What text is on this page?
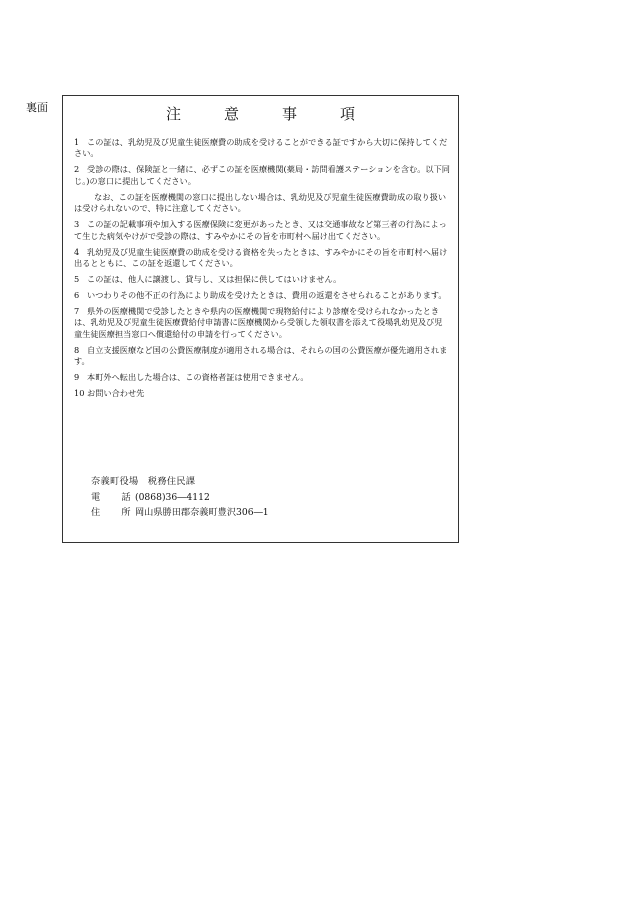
裏面	注　意　事　項
1 この証は、乳幼児及び児童生徒医療費の助成を受けることができる証ですから大切に保持してください。
2 受診の際は、保険証と一緒に、必ずこの証を医療機関(薬局・訪問看護ステーションを含む。以下同じ。)の窓口に提出してください。
なお、この証を医療機関の窓口に提出しない場合は、乳幼児及び児童生徒医療費助成の取り扱いは受けられないので、特に注意してください。
3 この証の記載事項や加入する医療保険に変更があったとき、又は交通事故など第三者の行為によって生じた病気やけがで受診の際は、すみやかにその旨を市町村へ届け出てください。
4 乳幼児及び児童生徒医療費の助成を受ける資格を失ったときは、すみやかにその旨を市町村へ届け出るとともに、この証を返還してください。
5 この証は、他人に譲渡し、貸与し、又は担保に供してはいけません。
6 いつわりその他不正の行為により助成を受けたときは、費用の返還をさせられることがあります。
7 県外の医療機関で受診したときや県内の医療機関で現物給付により診療を受けられなかったときは、乳幼児及び児童生徒医療費給付申請書に医療機関から受領した領収書を添えて役場乳幼児及び児童生徒医療担当窓口へ償還給付の申請を行ってください。
8 自立支援医療など国の公費医療制度が適用される場合は、それらの国の公費医療が優先適用されます。
9 本町外へ転出した場合は、この資格者証は使用できません。
10 お問い合わせ先
奈義町役場　税務住民課
電　話(0868)36―4112
住　所岡山県勝田郡奈義町豊沢306―1
